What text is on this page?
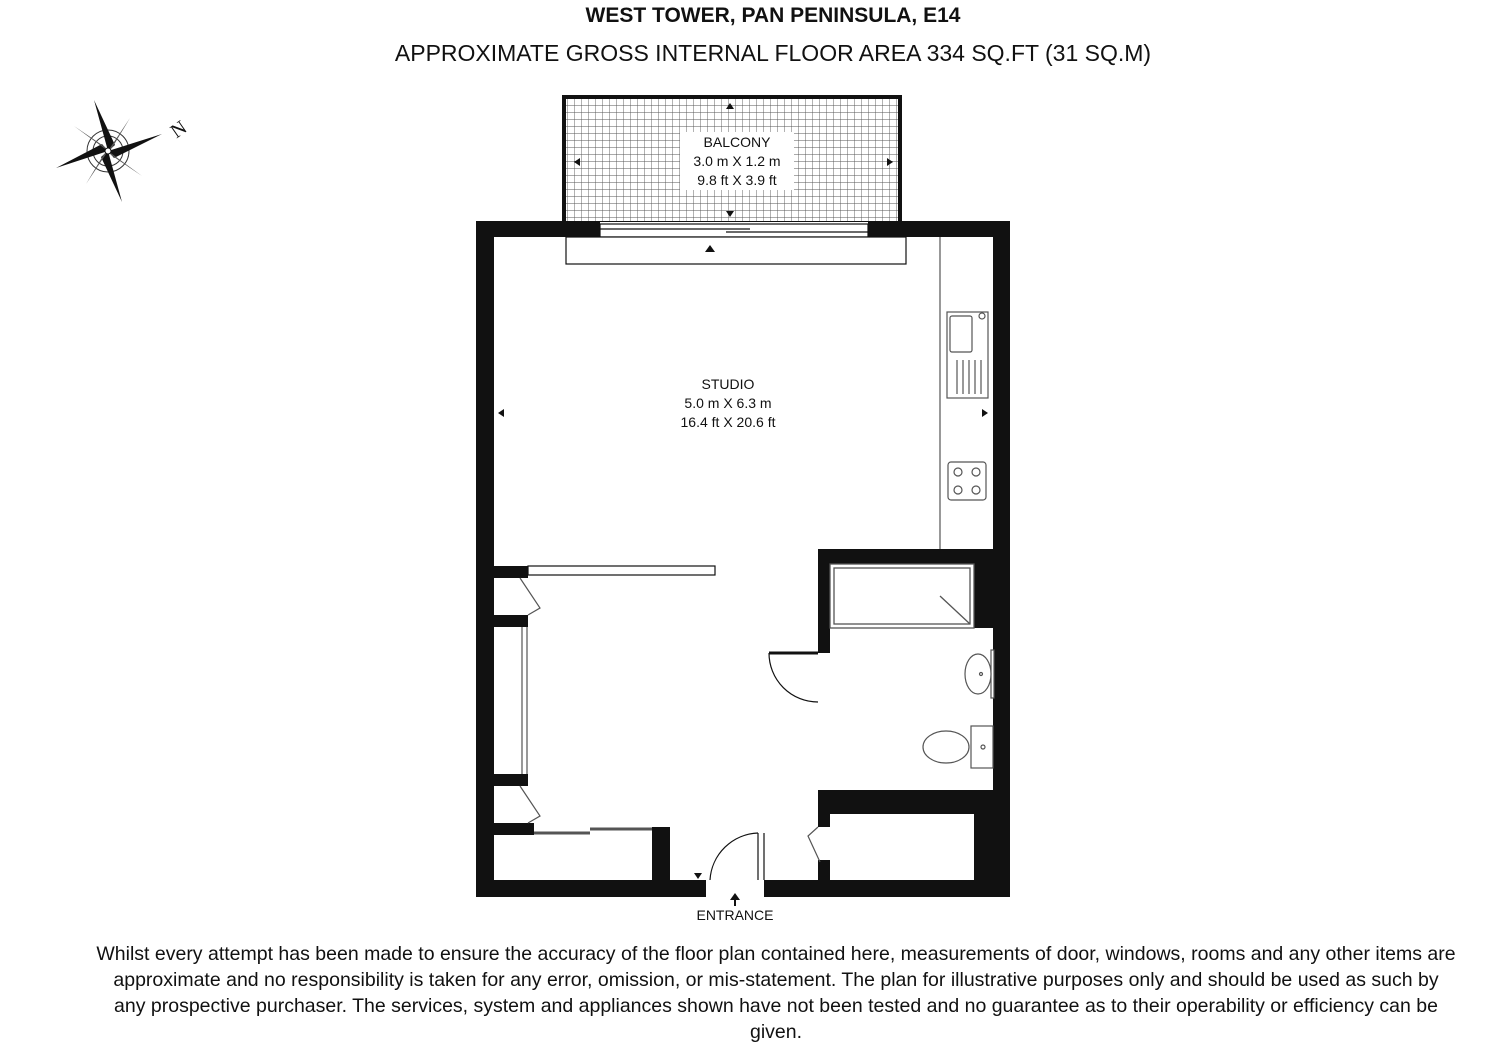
WEST TOWER, PAN PENINSULA, E14
APPROXIMATE GROSS INTERNAL FLOOR AREA 334 SQ.FT (31 SQ.M)
N	BALCONY
3.0 m X 1.2 m
9.8 ft X 3.9 ft
STUDIO
5.0 m X 6.3 m
16.4 ft X 20.6 ft
ENTRANCE
Whilst every attempt has been made to ensure the accuracy of the floor plan contained here, measurements of door, windows, rooms and any other items are approximate and no responsibility is taken for any error, omission, or mis-statement. The plan for illustrative purposes only and should be used as such by any prospective purchaser. The services, system and appliances shown have not been tested and no guarantee as to their operability or efficiency can be given.
